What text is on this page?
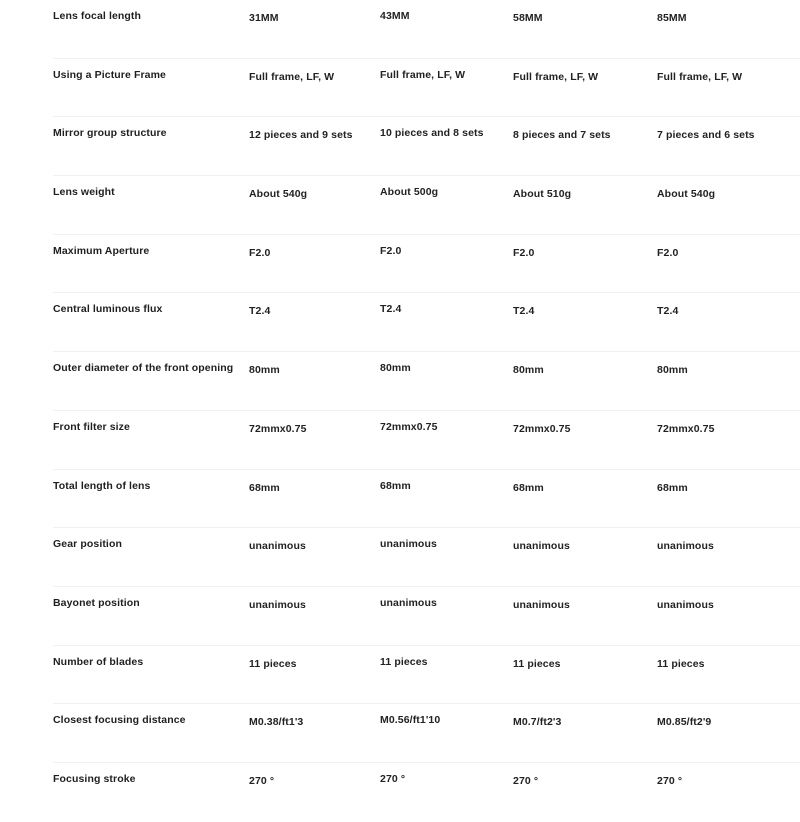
Lens focal length	31MM	43MM	58MM	85MM
Using a Picture Frame	Full frame, LF, W	Full frame, LF, W	Full frame, LF, W	Full frame, LF, W
Mirror group structure	12 pieces and 9 sets	10 pieces and 8 sets	8 pieces and 7 sets	7 pieces and 6 sets
Lens weight	About 540g	About 500g	About 510g	About 540g
Maximum Aperture	F2.0	F2.0	F2.0	F2.0
Central luminous flux	T2.4	T2.4	T2.4	T2.4
Outer diameter of the front opening 80mm	80mm	80mm	80mm
Front filter size	72mmx0.75	72mmx0.75	72mmx0.75	72mmx0.75
Total length of lens	68mm	68mm	68mm	68mm
Gear position	unanimous	unanimous	unanimous	unanimous
Bayonet position	unanimous	unanimous	unanimous	unanimous
Number of blades	11 pieces	11 pieces	11 pieces	11 pieces
Closest focusing distance	M0.38/ft1'3	M0.56/ft1'10	M0.7/ft2'3	M0.85/ft2'9
Focusing stroke	270 °	270 °	270 °	270 °
